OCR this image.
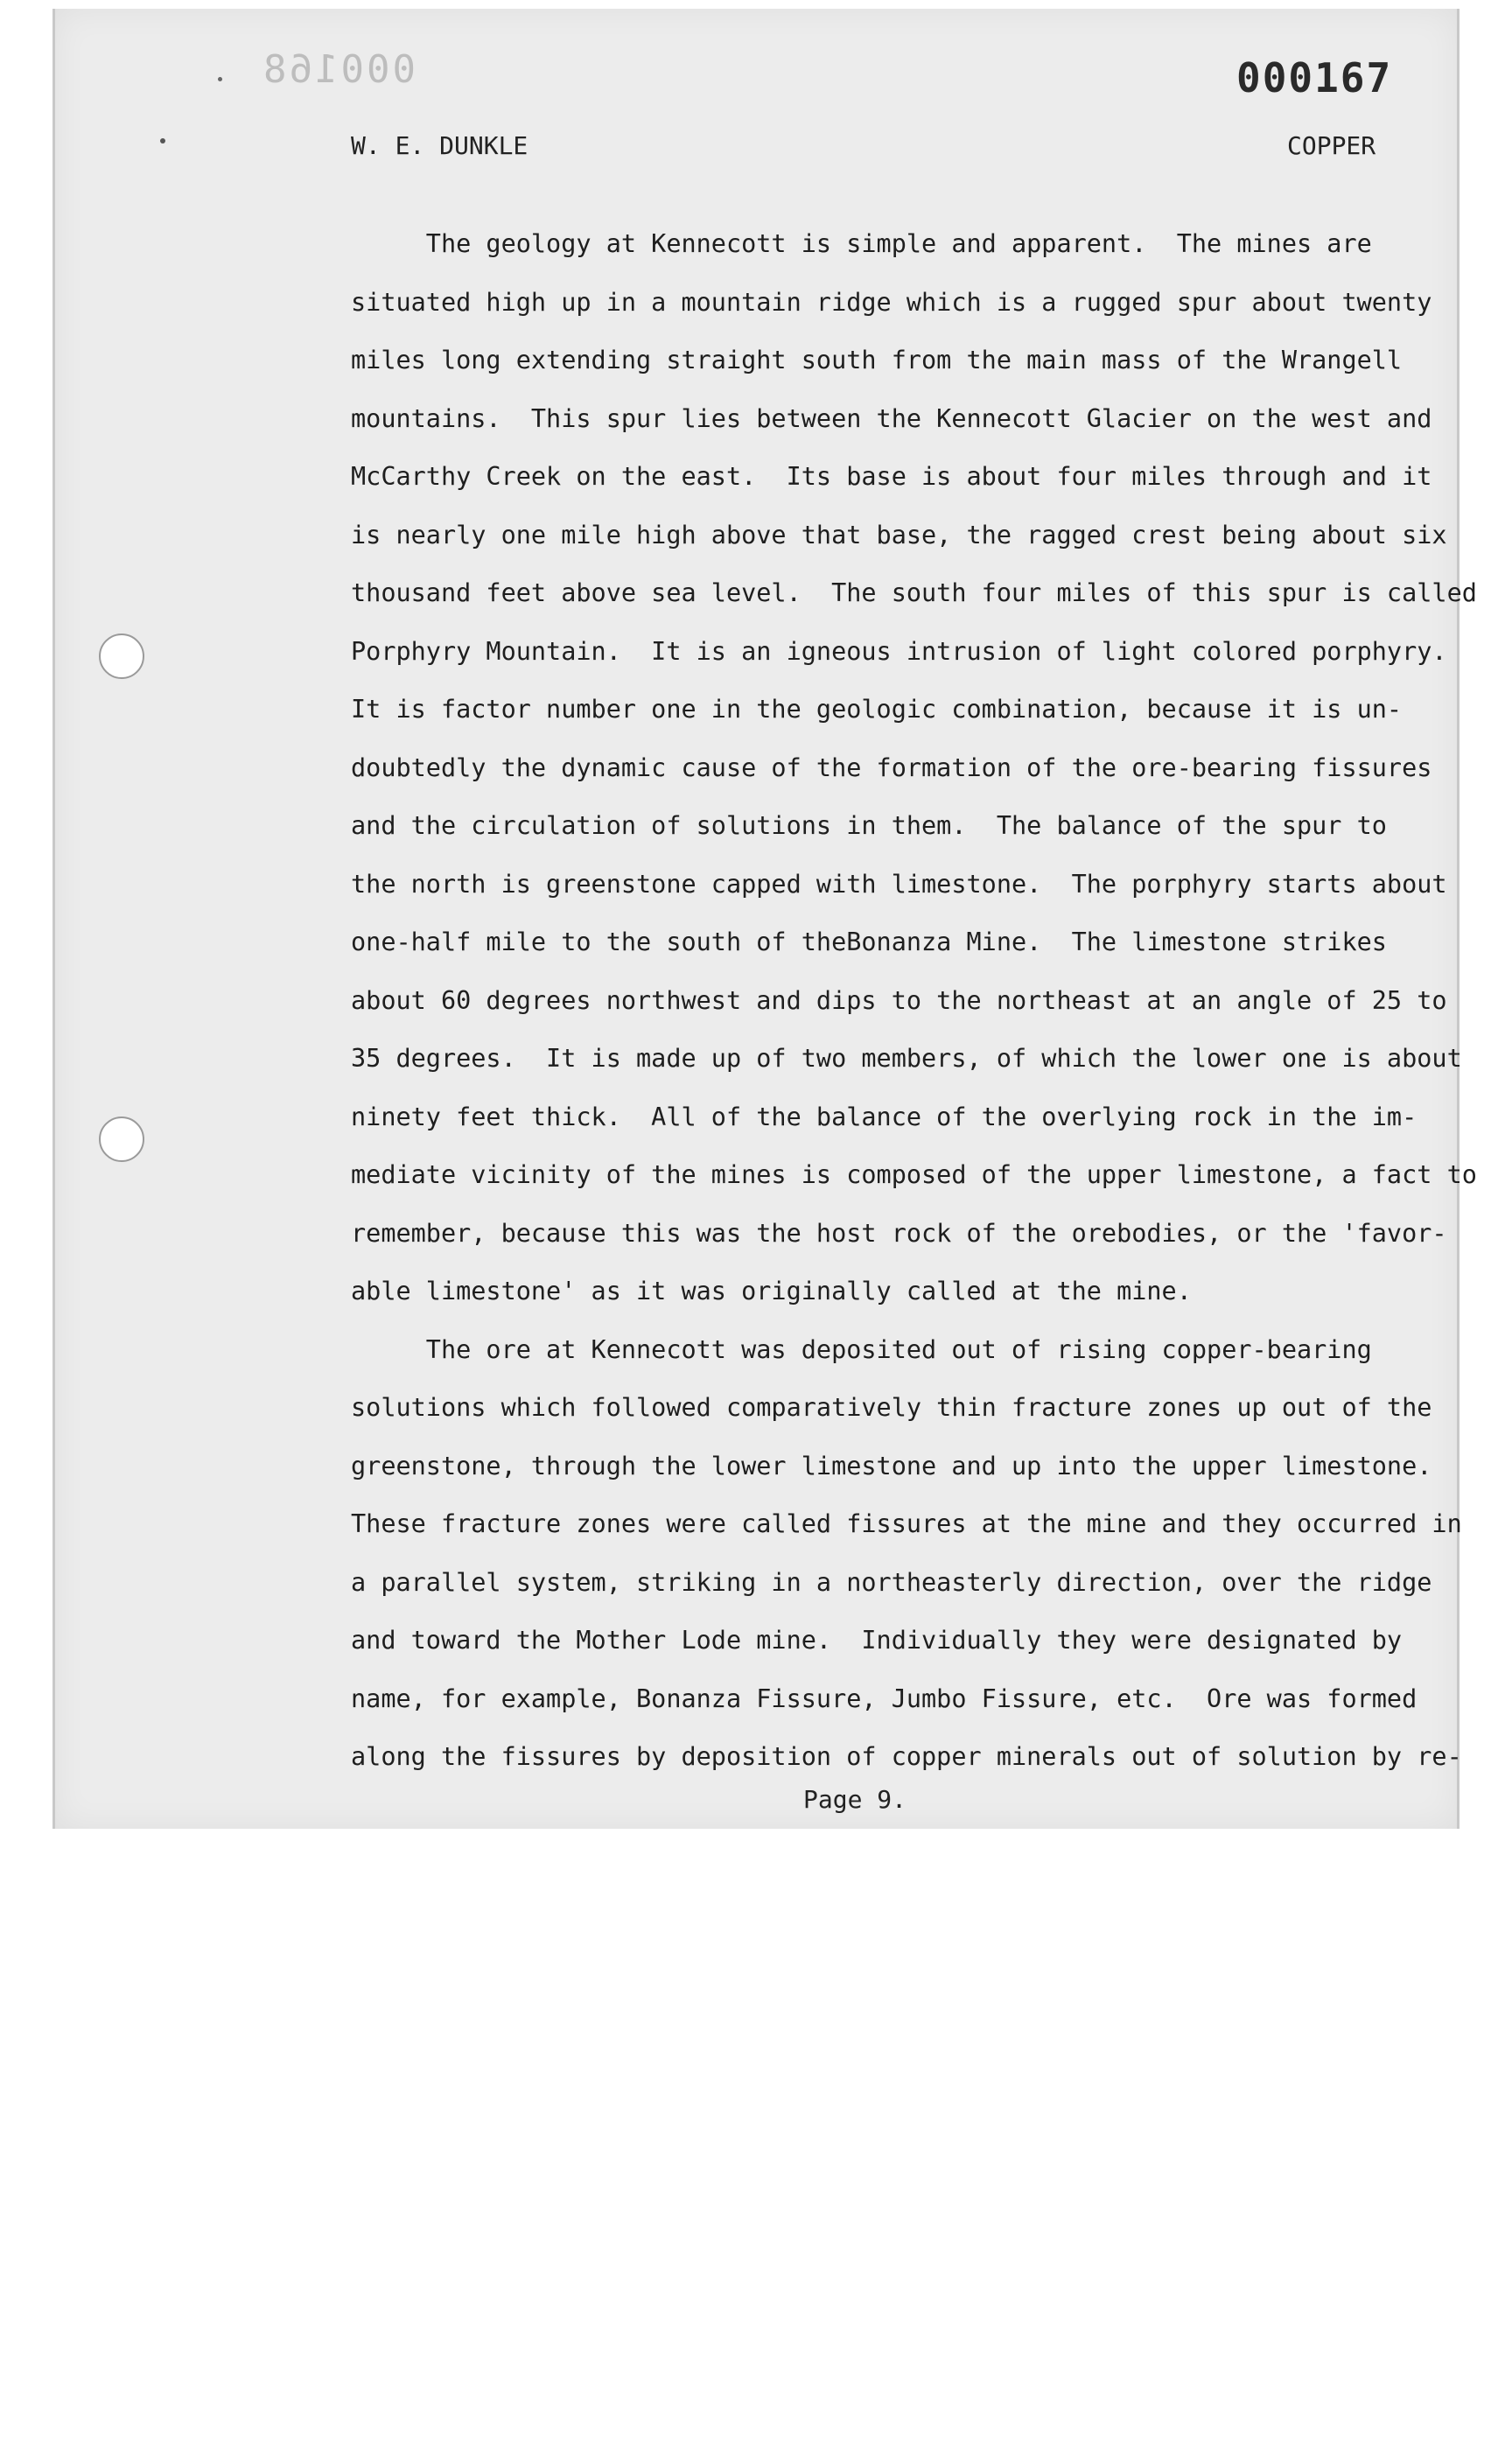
000168	000167
W. E. DUNKLE	COPPER
The geology at Kennecott is simple and apparent.  The mines are
situated high up in a mountain ridge which is a rugged spur about twenty
miles long extending straight south from the main mass of the Wrangell
mountains.  This spur lies between the Kennecott Glacier on the west and
McCarthy Creek on the east.  Its base is about four miles through and it
is nearly one mile high above that base, the ragged crest being about six
thousand feet above sea level.  The south four miles of this spur is called
Porphyry Mountain.  It is an igneous intrusion of light colored porphyry.
It is factor number one in the geologic combination, because it is un-
doubtedly the dynamic cause of the formation of the ore-bearing fissures
and the circulation of solutions in them.  The balance of the spur to
the north is greenstone capped with limestone.  The porphyry starts about
one-half mile to the south of theBonanza Mine.  The limestone strikes
about 60 degrees northwest and dips to the northeast at an angle of 25 to
35 degrees.  It is made up of two members, of which the lower one is about
ninety feet thick.  All of the balance of the overlying rock in the im-
mediate vicinity of the mines is composed of the upper limestone, a fact to
remember, because this was the host rock of the orebodies, or the 'favor-
able limestone' as it was originally called at the mine.
The ore at Kennecott was deposited out of rising copper-bearing
solutions which followed comparatively thin fracture zones up out of the
greenstone, through the lower limestone and up into the upper limestone.
These fracture zones were called fissures at the mine and they occurred in
a parallel system, striking in a northeasterly direction, over the ridge
and toward the Mother Lode mine.  Individually they were designated by
name, for example, Bonanza Fissure, Jumbo Fissure, etc.  Ore was formed
along the fissures by deposition of copper minerals out of solution by re-
Page 9.
